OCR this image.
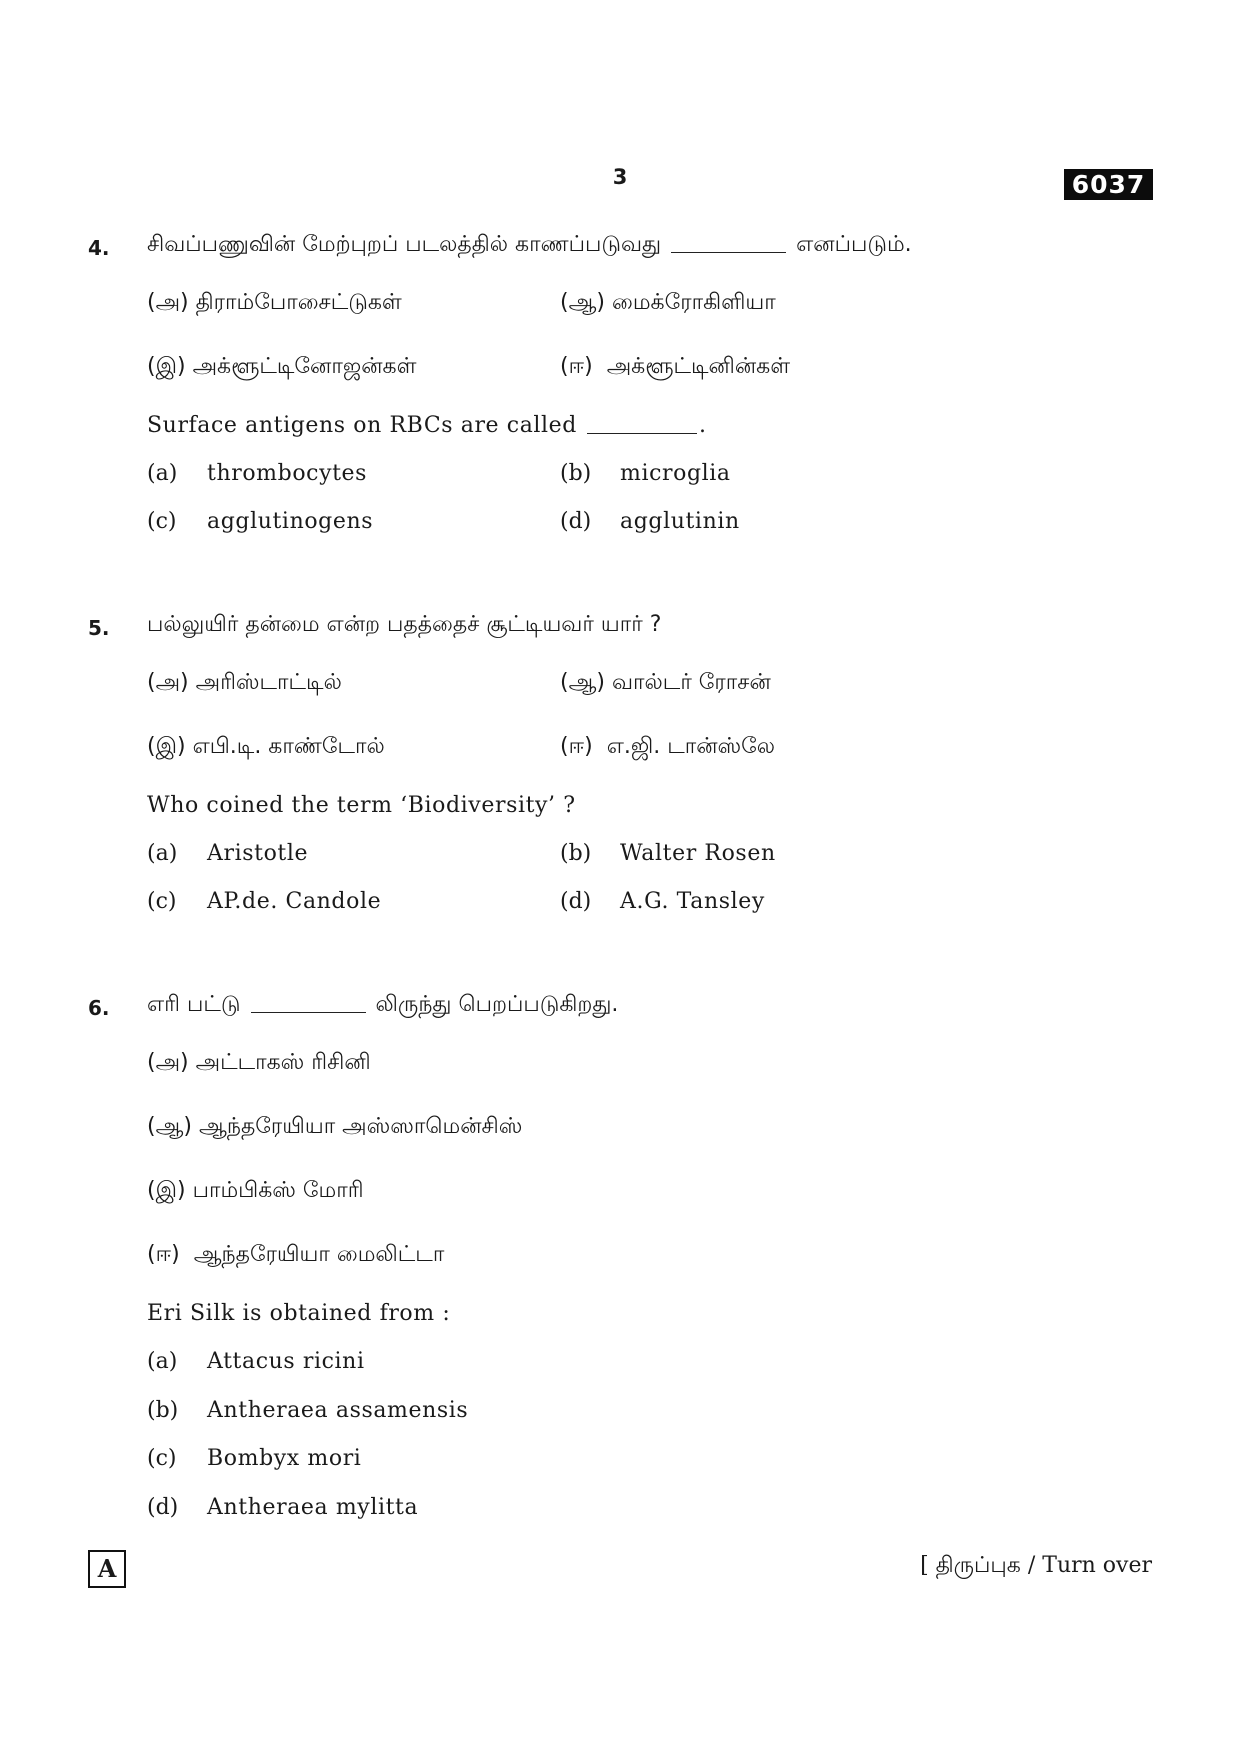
3	6037
4. சிவப்பணுவின் மேற்புறப் படலத்தில் காணப்படுவது	எனப்படும்.
(அ) திராம்போசைட்டுகள்	(ஆ) மைக்ரோகிளியா
(இ) அக்ளூட்டினோஜன்கள்	(ஈ) அக்ளூட்டினின்கள்
Surface antigens on RBCs are called	.
(a) thrombocytes	(b) microglia
(c) agglutinogens	(d) agglutinin
5. பல்லுயிர் தன்மை என்ற பதத்தைச் சூட்டியவர் யார் ?
(அ) அரிஸ்டாட்டில்	(ஆ) வால்டர் ரோசன்
(இ) எபி.டி. காண்டோல்	(ஈ) எ.ஜி. டான்ஸ்லே
Who coined the term ‘Biodiversity’ ?
(a) Aristotle	(b) Walter Rosen
(c) AP.de. Candole	(d) A.G. Tansley
6. எரி பட்டு	லிருந்து பெறப்படுகிறது.
(அ) அட்டாகஸ் ரிசினி
(ஆ) ஆந்தரேயியா அஸ்ஸாமென்சிஸ்
(இ) பாம்பிக்ஸ் மோரி
(ஈ) ஆந்தரேயியா மைலிட்டா
Eri Silk is obtained from :
(a) Attacus ricini
(b) Antheraea assamensis
(c) Bombyx mori
(d) Antheraea mylitta
A	[ திருப்புக / Turn over
